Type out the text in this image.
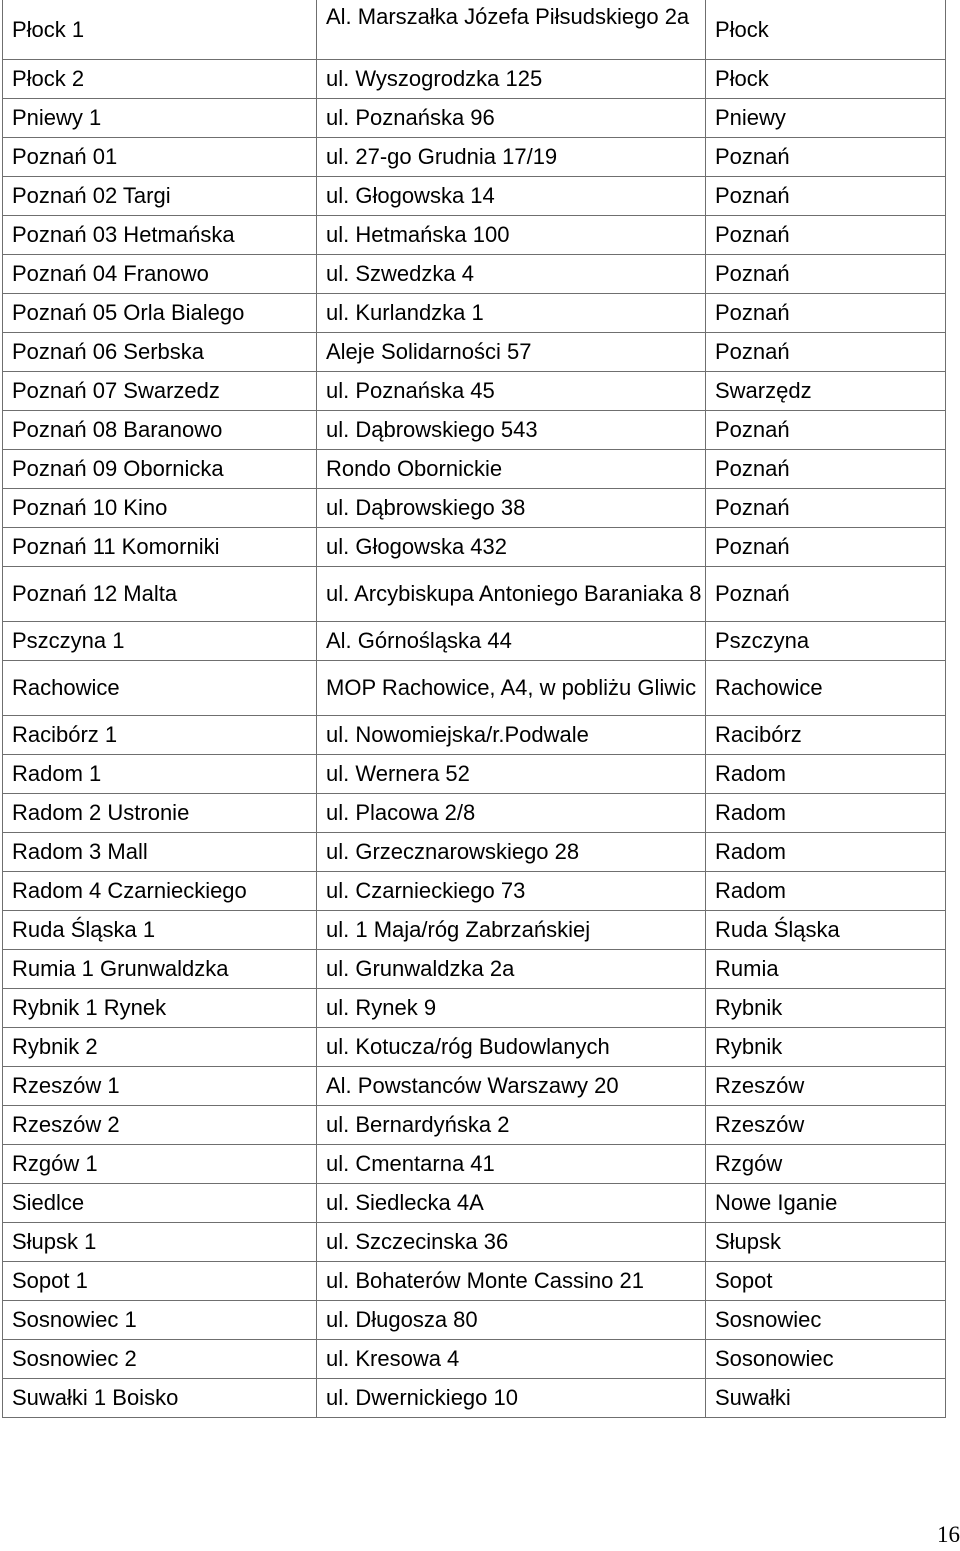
Płock 1	Al. Marszałka Józefa Piłsudskiego 2a	Płock
Płock 2	ul. Wyszogrodzka 125	Płock
Pniewy 1	ul. Poznańska 96	Pniewy
Poznań 01	ul. 27-go Grudnia 17/19	Poznań
Poznań 02 Targi	ul. Głogowska 14	Poznań
Poznań 03 Hetmańska	ul. Hetmańska 100	Poznań
Poznań 04 Franowo	ul. Szwedzka 4	Poznań
Poznań 05 Orla Bialego	ul. Kurlandzka 1	Poznań
Poznań 06 Serbska	Aleje Solidarności 57	Poznań
Poznań 07 Swarzedz	ul. Poznańska 45	Swarzędz
Poznań 08 Baranowo	ul. Dąbrowskiego 543	Poznań
Poznań 09 Obornicka	Rondo Obornickie	Poznań
Poznań 10 Kino	ul. Dąbrowskiego 38	Poznań
Poznań 11 Komorniki	ul. Głogowska 432	Poznań
Poznań 12 Malta	ul. Arcybiskupa Antoniego Baraniaka 8	Poznań
Pszczyna 1	Al. Górnośląska 44	Pszczyna
Rachowice	MOP Rachowice, A4, w pobliżu Gliwic	Rachowice
Racibórz 1	ul. Nowomiejska/r.Podwale	Racibórz
Radom 1	ul. Wernera 52	Radom
Radom 2 Ustronie	ul. Placowa 2/8	Radom
Radom 3 Mall	ul. Grzecznarowskiego 28	Radom
Radom 4 Czarnieckiego	ul. Czarnieckiego 73	Radom
Ruda Śląska 1	ul. 1 Maja/róg Zabrzańskiej	Ruda Śląska
Rumia 1 Grunwaldzka	ul. Grunwaldzka 2a	Rumia
Rybnik 1 Rynek	ul. Rynek 9	Rybnik
Rybnik 2	ul. Kotucza/róg Budowlanych	Rybnik
Rzeszów 1	Al. Powstanców Warszawy 20	Rzeszów
Rzeszów 2	ul. Bernardyńska 2	Rzeszów
Rzgów 1	ul. Cmentarna 41	Rzgów
Siedlce	ul. Siedlecka 4A	Nowe Iganie
Słupsk 1	ul. Szczecinska 36	Słupsk
Sopot 1	ul. Bohaterów Monte Cassino 21	Sopot
Sosnowiec 1	ul. Długosza 80	Sosnowiec
Sosnowiec 2	ul. Kresowa 4	Sosonowiec
Suwałki 1 Boisko	ul. Dwernickiego 10	Suwałki
16
